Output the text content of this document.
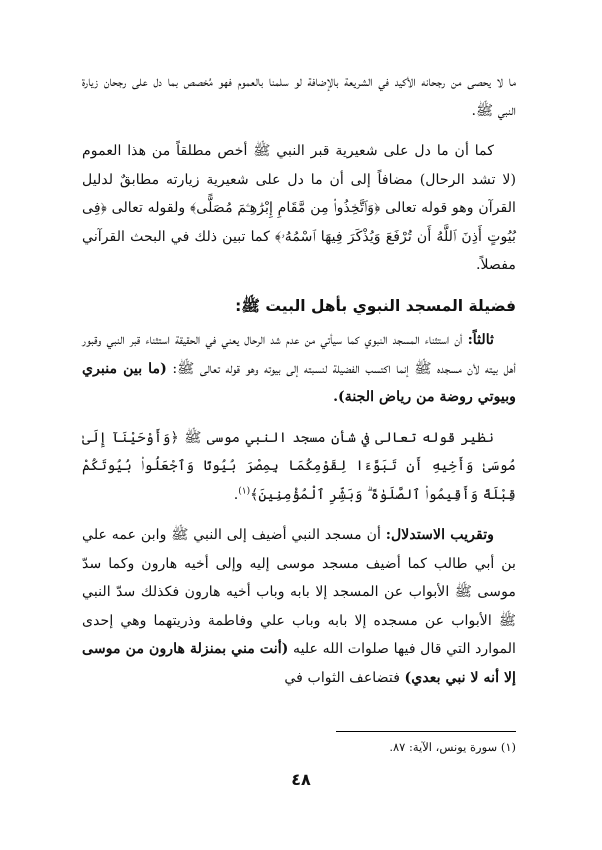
ما لا يحصى من رجحانه الأكيد في الشريعة بالإضافة لو سلمنا بالعموم فهو مُخصص بما دل على رجحان زيارة النبي ﷺ.

كما أن ما دل على شعيرية قبر النبي ﷺ أخص مطلقاً من هذا العموم (لا تشد الرحال) مضافاً إلى أن ما دل على شعيرية زيارته مطابقٌ لدليل القرآن وهو قوله تعالى ﴿وَٱتَّخِذُوا۟ مِن مَّقَامِ إِبْرَٰهِـۧمَ مُصَلًّى﴾ ولقوله تعالى ﴿فِى بُيُوتٍ أَذِنَ ٱللَّهُ أَن تُرْفَعَ وَيُذْكَرَ فِيهَا ٱسْمُهُۥ﴾ كما تبين ذلك في البحث القرآني مفصلاً.

فضيلة المسجد النبوي بأهل البيت ﷺ:

ثالثاً: أن استثناء المسجد النبوي كما سيأتي من عدم شد الرحال يعني في الحقيقة استثناء قبر النبي وقبور أهل بيته لأن مسجده ﷺ إنما اكتسب الفضيلة لنسبته إلى بيوته وهو قوله تعالى ﷺ: (ما بين منبري وبيوتي روضة من رياض الجنة).

نظير قوله تعالى في شأن مسجد النبي موسى ﷺ ﴿وَأَوْحَيْنَآ إِلَىٰ مُوسَىٰ وَأَخِيهِ أَن تَبَوَّءَا لِقَوْمِكُمَا بِمِصْرَ بُيُوتًا وَٱجْعَلُوا۟ بُيُوتَكُمْ قِبْلَةً وَأَقِيمُوا۟ ٱلصَّلَوٰةَ ۗ وَبَشِّرِ ٱلْمُؤْمِنِينَ﴾$^{(١)}$.

وتقريب الاستدلال: أن مسجد النبي أضيف إلى النبي ﷺ وابن عمه علي بن أبي طالب كما أضيف مسجد موسى إليه وإلى أخيه هارون وكما سدّ موسى ﷺ الأبواب عن المسجد إلا بابه وباب أخيه هارون فكذلك سدّ النبي ﷺ الأبواب عن مسجده إلا بابه وباب علي وفاطمة وذريتهما وهي إحدى الموارد التي قال فيها صلوات الله عليه (أنت مني بمنزلة هارون من موسى إلا أنه لا نبي بعدي) فتضاعف الثواب في

(١) سورة يونس، الآية: ٨٧.
٤٨
